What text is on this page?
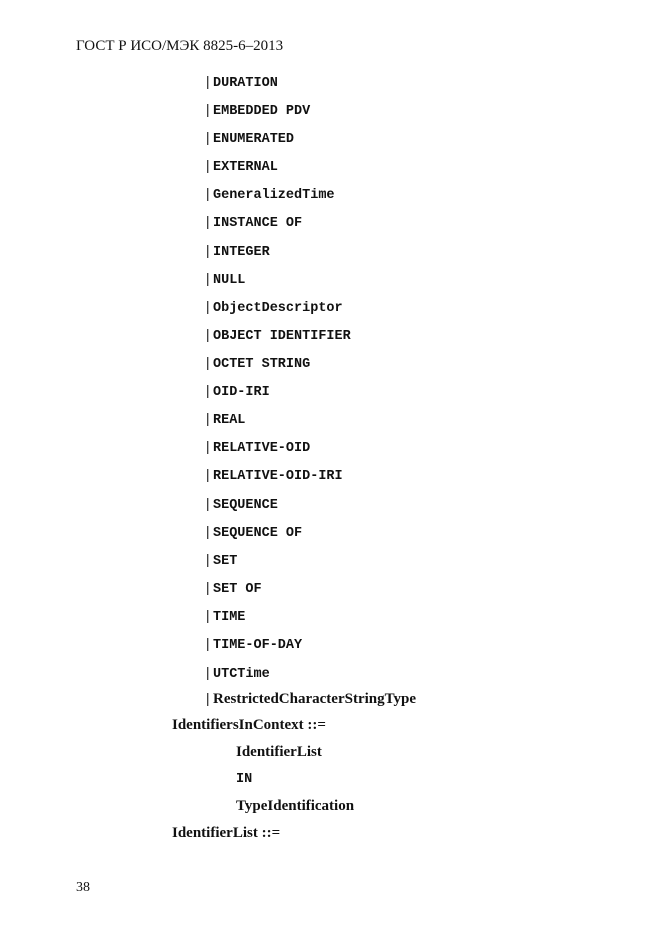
ГОСТ Р ИСО/МЭК 8825-6–2013
| DURATION
| EMBEDDED PDV
| ENUMERATED
| EXTERNAL
| GeneralizedTime
| INSTANCE OF
| INTEGER
| NULL
| ObjectDescriptor
| OBJECT IDENTIFIER
| OCTET STRING
| OID-IRI
| REAL
| RELATIVE-OID
| RELATIVE-OID-IRI
| SEQUENCE
| SEQUENCE OF
| SET
| SET OF
| TIME
| TIME-OF-DAY
| UTCTime
| RestrictedCharacterStringType
IdentifiersInContext ::=
IdentifierList
IN
TypeIdentification
IdentifierList ::=
38
